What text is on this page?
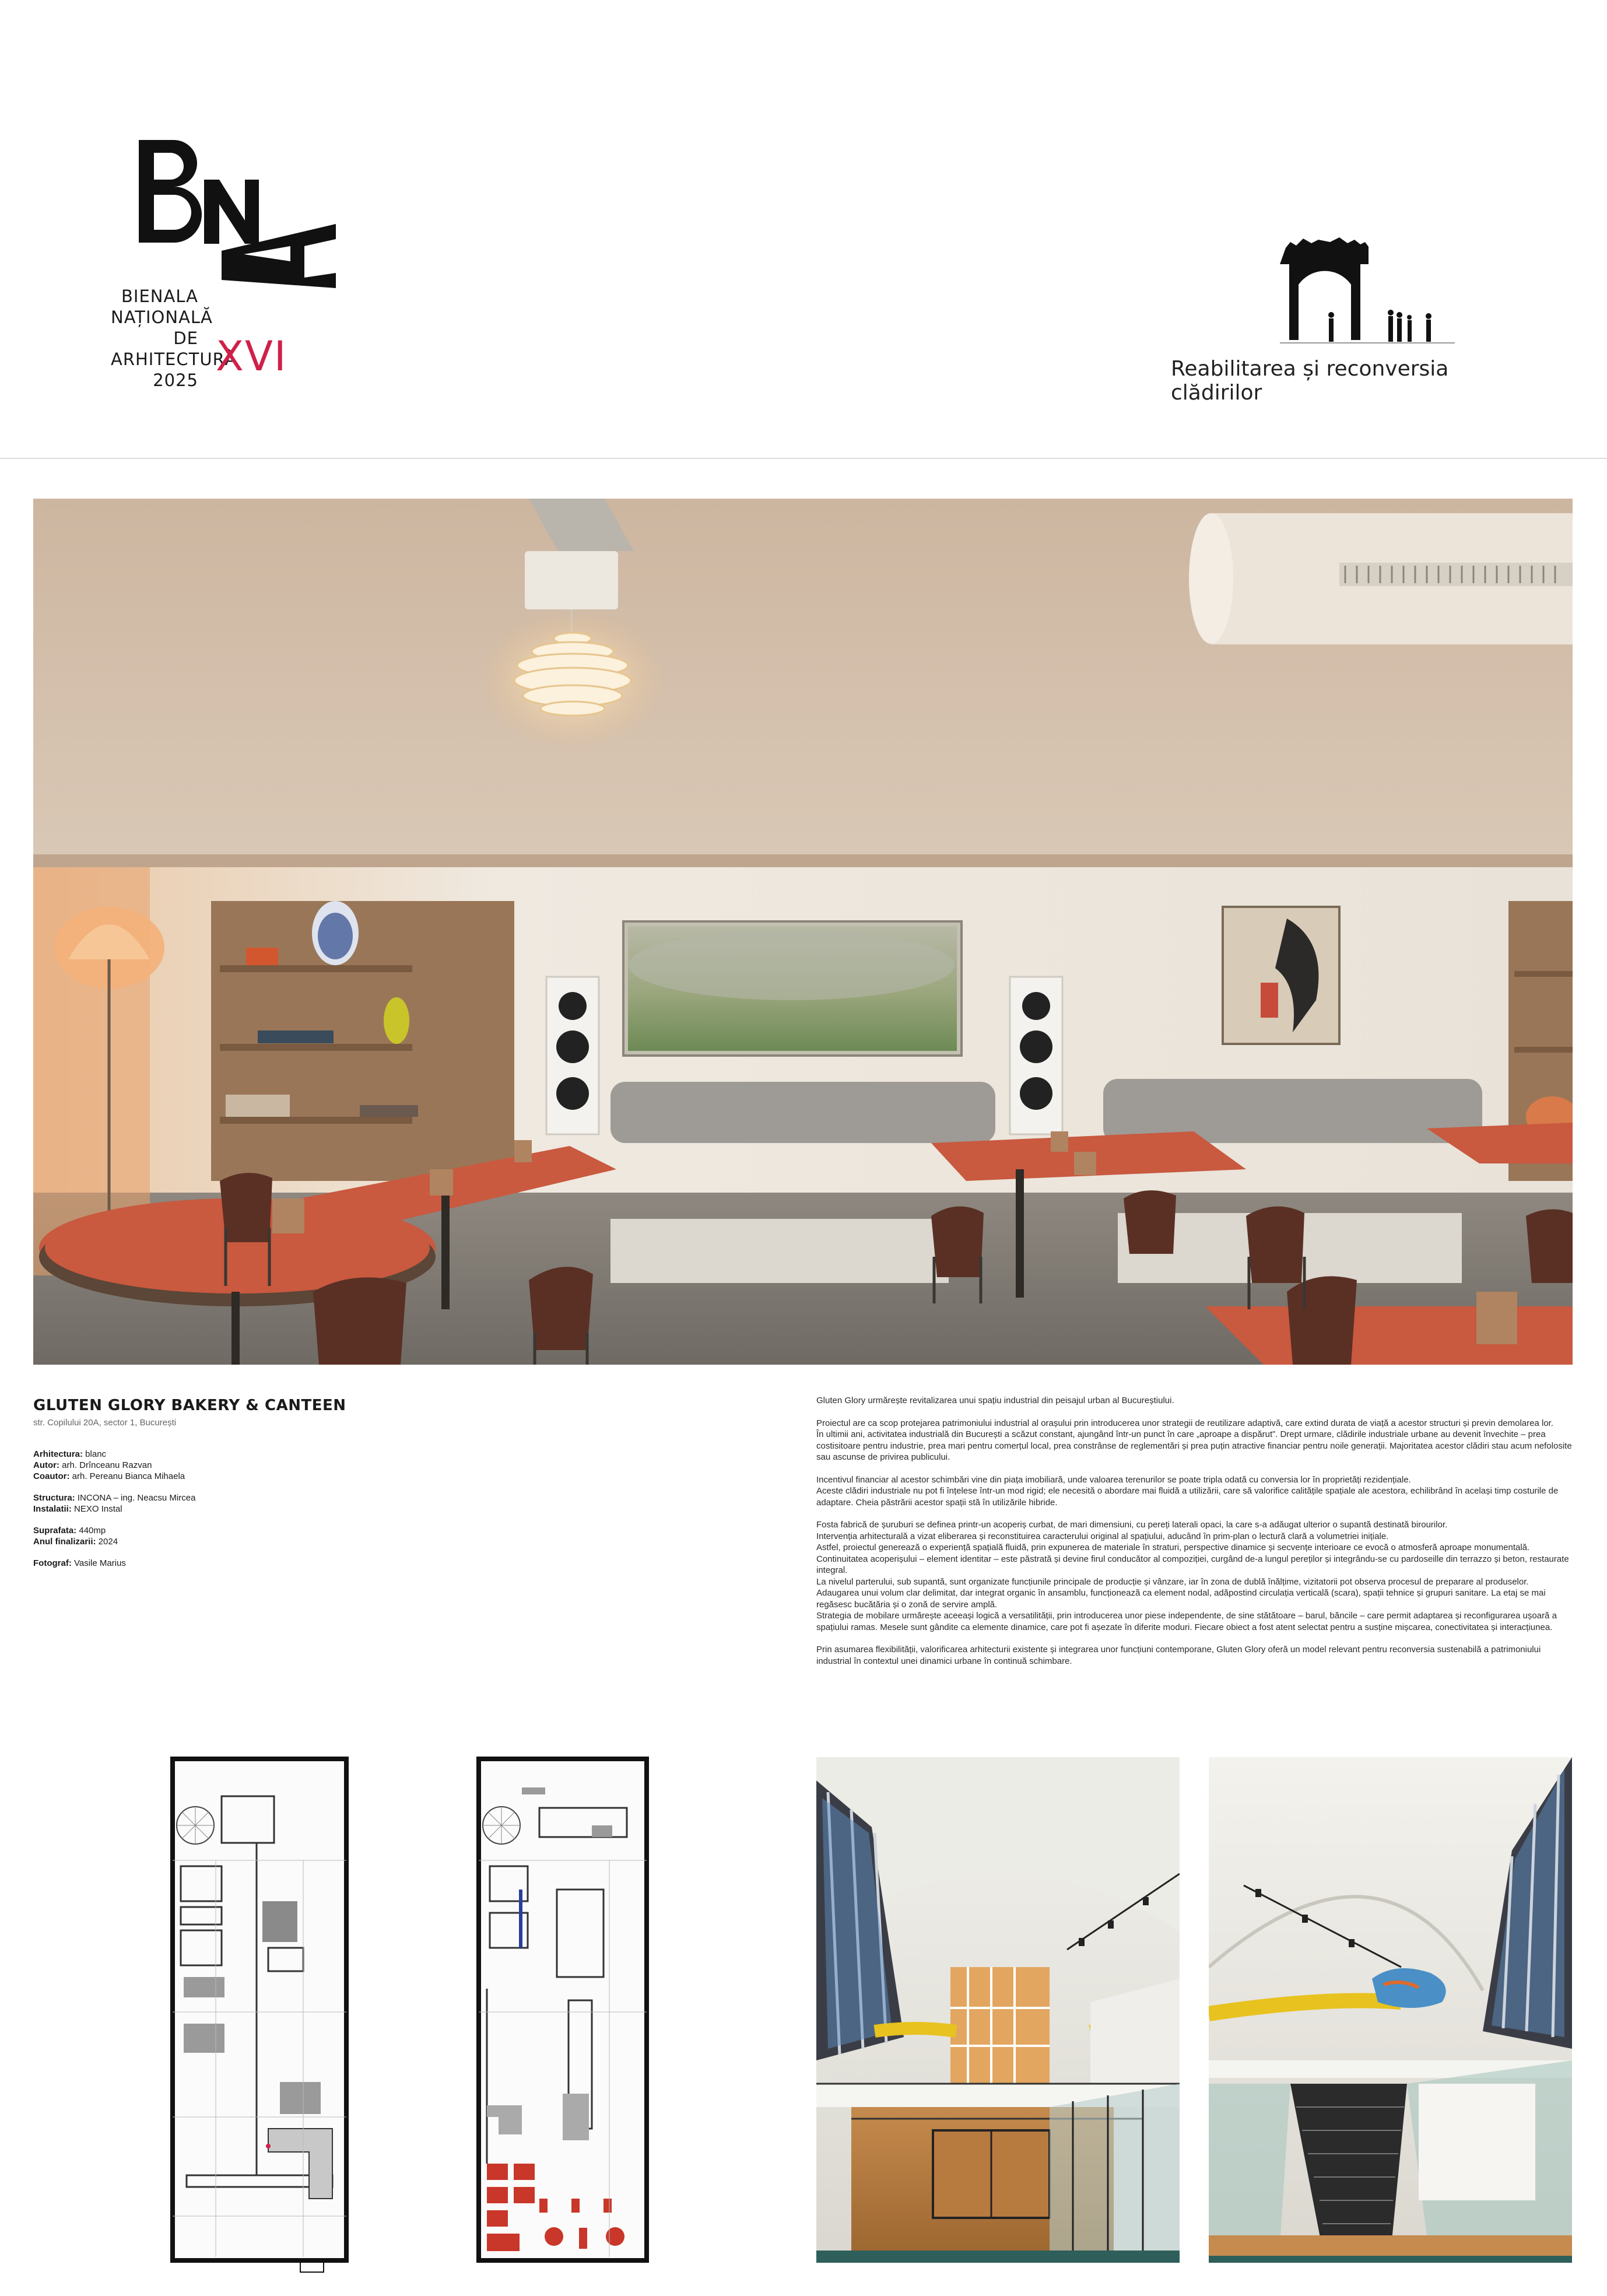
BIENALA
NAȚIONALĂ
DE
ARHITECTURĂ
2025 XVI	Reabilitarea și reconversia clădirilor
GLUTEN GLORY BAKERY & CANTEEN
str. Copilului 20A, sector 1, București
Arhitectura: blanc
Autor: arh. Drînceanu Razvan
Coautor: arh. Pereanu Bianca Mihaela
Structura: INCONA – ing. Neacsu Mircea
Instalatii: NEXO Instal
Suprafata: 440mp
Anul finalizarii: 2024
Fotograf: Vasile Marius

Gluten Glory urmărește revitalizarea unui spațiu industrial din peisajul urban al Bucureștiului.

Proiectul are ca scop protejarea patrimoniului industrial al orașului prin introducerea unor strategii de reutilizare adaptivă, care extind durata de viață a acestor structuri și previn demolarea lor.

În ultimii ani, activitatea industrială din București a scăzut constant, ajungând într-un punct în care „aproape a dispărut”. Drept urmare, clădirile industriale urbane au devenit învechite – prea costisitoare pentru industrie, prea mari pentru comerțul local, prea constrânse de reglementări și prea puțin atractive financiar pentru noile generații. Majoritatea acestor clădiri stau acum nefolosite sau ascunse de privirea publicului.

Incentivul financiar al acestor schimbări vine din piața imobiliară, unde valoarea terenurilor se poate tripla odată cu conversia lor în proprietăți rezidențiale.

Aceste clădiri industriale nu pot fi înțelese într-un mod rigid; ele necesită o abordare mai fluidă a utilizării, care să valorifice calitățile spațiale ale acestora, echilibrând în același timp costurile de adaptare. Cheia păstrării acestor spații stă în utilizările hibride.

Fosta fabrică de șuruburi se definea printr-un acoperiș curbat, de mari dimensiuni, cu pereți laterali opaci, la care s-a adăugat ulterior o supantă destinată birourilor.

Intervenția arhitecturală a vizat eliberarea și reconstituirea caracterului original al spațiului, aducând în prim-plan o lectură clară a volumetriei inițiale.

Astfel, proiectul generează o experiență spațială fluidă, prin expunerea de materiale în straturi, perspective dinamice și secvențe interioare ce evocă o atmosferă aproape monumentală.

Continuitatea acoperișului – element identitar – este păstrată și devine firul conducător al compoziției, curgând de-a lungul pereților și integrându-se cu pardoseille din terrazzo și beton, restaurate integral.

La nivelul parterului, sub supantă, sunt organizate funcțiunile principale de producție și vânzare, iar în zona de dublă înălțime, vizitatorii pot observa procesul de preparare al produselor.

Adaugarea unui volum clar delimitat, dar integrat organic în ansamblu, funcționează ca element nodal, adăpostind circulația verticală (scara), spații tehnice și grupuri sanitare. La etaj se mai regăsesc bucătăria și o zonă de servire amplă.

Strategia de mobilare urmărește aceeași logică a versatilității, prin introducerea unor piese independente, de sine stătătoare – barul, băncile – care permit adaptarea și reconfigurarea ușoară a spațiului ramas. Mesele sunt gândite ca elemente dinamice, care pot fi așezate în diferite moduri. Fiecare obiect a fost atent selectat pentru a susține mișcarea, conectivitatea și interacțiunea.

Prin asumarea flexibilității, valorificarea arhitecturii existente și integrarea unor funcțiuni contemporane, Gluten Glory oferă un model relevant pentru reconversia sustenabilă a patrimoniului industrial în contextul unei dinamici urbane în continuă schimbare.
